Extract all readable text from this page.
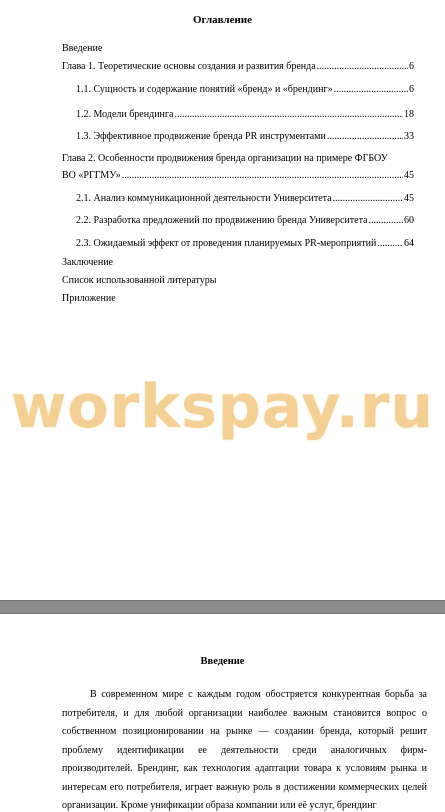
Оглавление
Введение
Глава 1. Теоретические основы создания и развития бренда .....	6
1.1. Сущность и содержание понятий «бренд» и «брендинг» .....	6
1.2. Модели брендинга .....	18
1.3. Эффективное продвижение бренда PR инструментами .....	33
Глава 2. Особенности продвижения бренда организации на примере ФГБОУ
ВО «РГГМУ» .....	45
2.1. Анализ коммуникационной деятельности Университета .....	45
2.2. Разработка предложений по продвижению бренда Университета .....	60
2.3. Ожидаемый эффект от проведения планируемых PR-мероприятий .....	64
Заключение
Список использованной литературы
Приложение
workspay.ru
Введение
В современном мире с каждым годом обостряется конкурентная борьба за потребителя, и для любой организации наиболее важным становится вопрос о собственном позиционировании на рынке — создании бренда, который решит проблему идентификации ее деятельности среди аналогичных фирм-производителей. Брендинг, как технология адаптации товара к условиям рынка и интересам его потребителя, играет важную роль в достижении коммерческих целей организации. Кроме унификации образа компании или её услуг, брендинг
